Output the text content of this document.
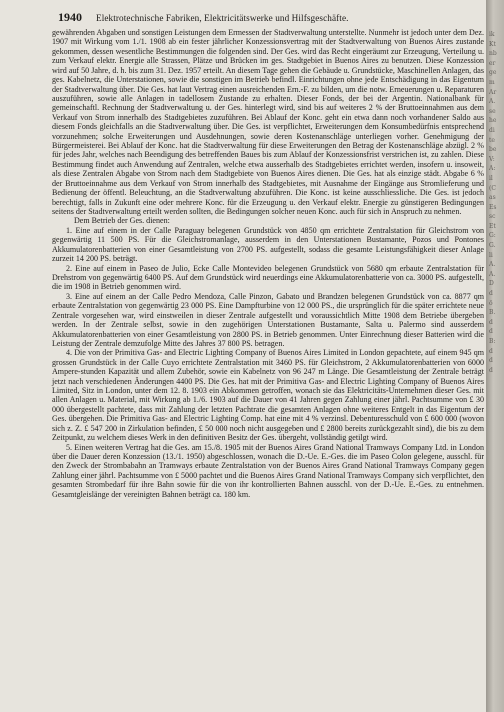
1940 Elektrotechnische Fabriken, Elektricitätswerke und Hilfsgeschäfte.

gewährenden Abgaben und sonstigen Leistungen dem Ermessen der Stadtverwaltung unterstellte. Nunmehr ist jedoch unter dem Dez. 1907 mit Wirkung vom 1./1. 1908 ab ein fester jährlicher Konzessionsvertrag mit der Stadtverwaltung von Buenos Aires zustande gekommen, dessen wesentliche Bestimmungen die folgenden sind. Der Ges. wird das Recht eingeräumt zur Erzeugung, Verteilung u. zum Verkauf elektr. Energie alle Strassen, Plätze und Brücken im ges. Stadtgebiet in Buenos Aires zu benutzen. Diese Konzession wird auf 50 Jahre, d. h. bis zum 31. Dez. 1957 erteilt. An diesem Tage gehen die Gebäude u. Grundstücke, Maschinellen Anlagen, das ges. Kabelnetz, die Unterstationen, sowie die sonstigen im Betrieb befindl. Einrichtungen ohne jede Entschädigung in das Eigentum der Stadtverwaltung über. Die Ges. hat laut Vertrag einen ausreichenden Ern.-F. zu bilden, um die notw. Erneuerungen u. Reparaturen auszuführen, sowie alle Anlagen in tadellosem Zustande zu erhalten. Dieser Fonds, der bei der Argentin. Nationalbank für gemeinschaftl. Rechnung der Stadtverwaltung u. der Ges. hinterlegt wird, sind bis auf weiteres 2 % der Bruttoeinnahmen aus dem Verkauf von Strom innerhalb des Stadtgebietes zuzuführen. Bei Ablauf der Konc. geht ein etwa dann noch vorhandener Saldo aus diesem Fonds gleichfalls an die Stadtverwaltung über. Die Ges. ist verpflichtet, Erweiterungen dem Konsumbedürfnis entsprechend vorzunehmen; solche Erweiterungen und Ausdehnungen, sowie deren Kostenanschläge unterliegen vorher. Genehmigung der Bürgermeisterei. Bei Ablauf der Konc. hat die Stadtverwaltung für diese Erweiterungen den Betrag der Kostenanschläge abzügl. 2 % für jedes Jahr, welches nach Beendigung des betreffenden Baues bis zum Ablauf der Konzessionsfrist verstrichen ist, zu zahlen. Diese Bestimmung findet auch Anwendung auf Zentralen, welche etwa ausserhalb des Stadtgebietes errichtet werden, insofern u. insoweit, als diese Zentralen Abgabe von Strom nach dem Stadtgebiete von Buenos Aires dienen. Die Ges. hat als einzige städt. Abgabe 6 % der Bruttoeinnahme aus dem Verkauf von Strom innerhalb des Stadtgebietes, mit Ausnahme der Eingänge aus Stromlieferung und Bedienung der öffentl. Beleuchtung, an die Stadtverwaltung abzuführen. Die Konc. ist keine ausschliessliche. Die Ges. ist jedoch berechtigt, falls in Zukunft eine oder mehrere Konc. für die Erzeugung u. den Verkauf elektr. Energie zu günstigeren Bedingungen seitens der Stadtverwaltung erteilt werden sollten, die Bedingungen solcher neuen Konc. auch für sich in Anspruch zu nehmen.

Dem Betrieb der Ges. dienen:

1. Eine auf einem in der Calle Paraguay belegenen Grundstück von 4850 qm errichtete Zentralstation für Gleichstrom von gegenwärtig 11 500 PS. Für die Gleichstromanlage, ausserdem in den Unterstationen Bustamante, Pozos und Pontones Akkumulatorenbatterien von einer Gesamtleistung von 2700 PS. aufgestellt, sodass die gesamte Leistungsfähigkeit dieser Anlage zurzeit 14 200 PS. beträgt.

2. Eine auf einem in Paseo de Julio, Ecke Calle Montevideo belegenen Grundstück von 5680 qm erbaute Zentralstation für Drehstrom von gegenwärtig 6400 PS. Auf dem Grundstück wird neuerdings eine Akkumulatorenbatterie von ca. 3000 PS. aufgestellt, die im 1908 in Betrieb genommen wird.

3. Eine auf einem an der Calle Pedro Mendoza, Calle Pinzon, Gabato und Brandzen belegenen Grundstück von ca. 8877 qm erbaute Zentralstation von gegenwärtig 23 000 PS. Eine Dampfturbine von 12 000 PS., die ursprünglich für die später errichtete neue Zentrale vorgesehen war, wird einstweilen in dieser Zentrale aufgestellt und voraussichtlich Mitte 1908 dem Betriebe übergeben werden. In der Zentrale selbst, sowie in den zugehörigen Unterstationen Bustamante, Salta u. Palermo sind ausserdem Akkumulatorenbatterien von einer Gesamtleistung von 2800 PS. in Betrieb genommen. Unter Einrechnung dieser Batterien wird die Leistung der Zentrale demzufolge Mitte des Jahres 37 800 PS. betragen.

4. Die von der Primitiva Gas- and Electric Lighting Company of Buenos Aires Limited in London gepachtete, auf einem 945 qm grossen Grundstück in der Calle Cuyo errichtete Zentralstation mit 3460 PS. für Gleichstrom, 2 Akkumulatorenbatterien von 6000 Ampere-stunden Kapazität und allem Zubehör, sowie ein Kabelnetz von 96 247 m Länge. Die Gesamtleistung der Zentrale beträgt jetzt nach verschiedenen Änderungen 4400 PS. Die Ges. hat mit der Primitiva Gas- and Electric Lighting Company of Buenos Aires Limited, Sitz in London, unter dem 12. 8. 1903 ein Abkommen getroffen, wonach sie das Elektricitäts-Unternehmen dieser Ges. mit allen Anlagen u. Material, mit Wirkung ab 1./6. 1903 auf die Dauer von 41 Jahren gegen Zahlung einer jährl. Pachtsumme von £ 30 000 übergestellt pachtete, dass mit Zahlung der letzten Pachtrate die gesamten Anlagen ohne weiteres Entgelt in das Eigentum der Ges. übergehen. Die Primitiva Gas- and Electric Lighting Comp. hat eine mit 4 % verzinsl. Debenturesschuld von £ 600 000 (wovon sich z. Z. £ 547 200 in Zirkulation befinden, £ 50 000 noch nicht ausgegeben und £ 2800 bereits zurückgezahlt sind), die bis zu dem Zeitpunkt, zu welchem dieses Werk in den definitiven Besitz der Ges. übergeht, vollständig getilgt wird.

5. Einen weiteren Vertrag hat die Ges. am 15./8. 1905 mit der Buenos Aires Grand National Tramways Company Ltd. in London über die Dauer deren Konzession (13./1. 1950) abgeschlossen, wonach die D.-Ue. E.-Ges. die im Paseo Colon gelegene, ausschl. für den Zweck der Strombabahn an Tramways erbaute Zentralstation von der Buenos Aires Grand National Tramways Company gegen Zahlung einer jährl. Pachtsumme von £ 5000 pachtet und die Buenos Aires Grand National Tramways Company sich verpflichtet, den gesamten Strombedarf für ihre Bahn sowie für die von ihr kontrollierten Bahnen ausschl. von der D.-Ue. E.-Ges. zu entnehmen. Gesamtgleislänge der vereinigten Bahnen beträgt ca. 180 km.

ik
Kt
nb
er
ge
m
Ar
A.
se
he
di
te
be
V:
A:
il
(C
as
Es
sc
Et
G:
G.
li
A.
A.
D
d
ö
B.
d
d
B:
d
d
d
